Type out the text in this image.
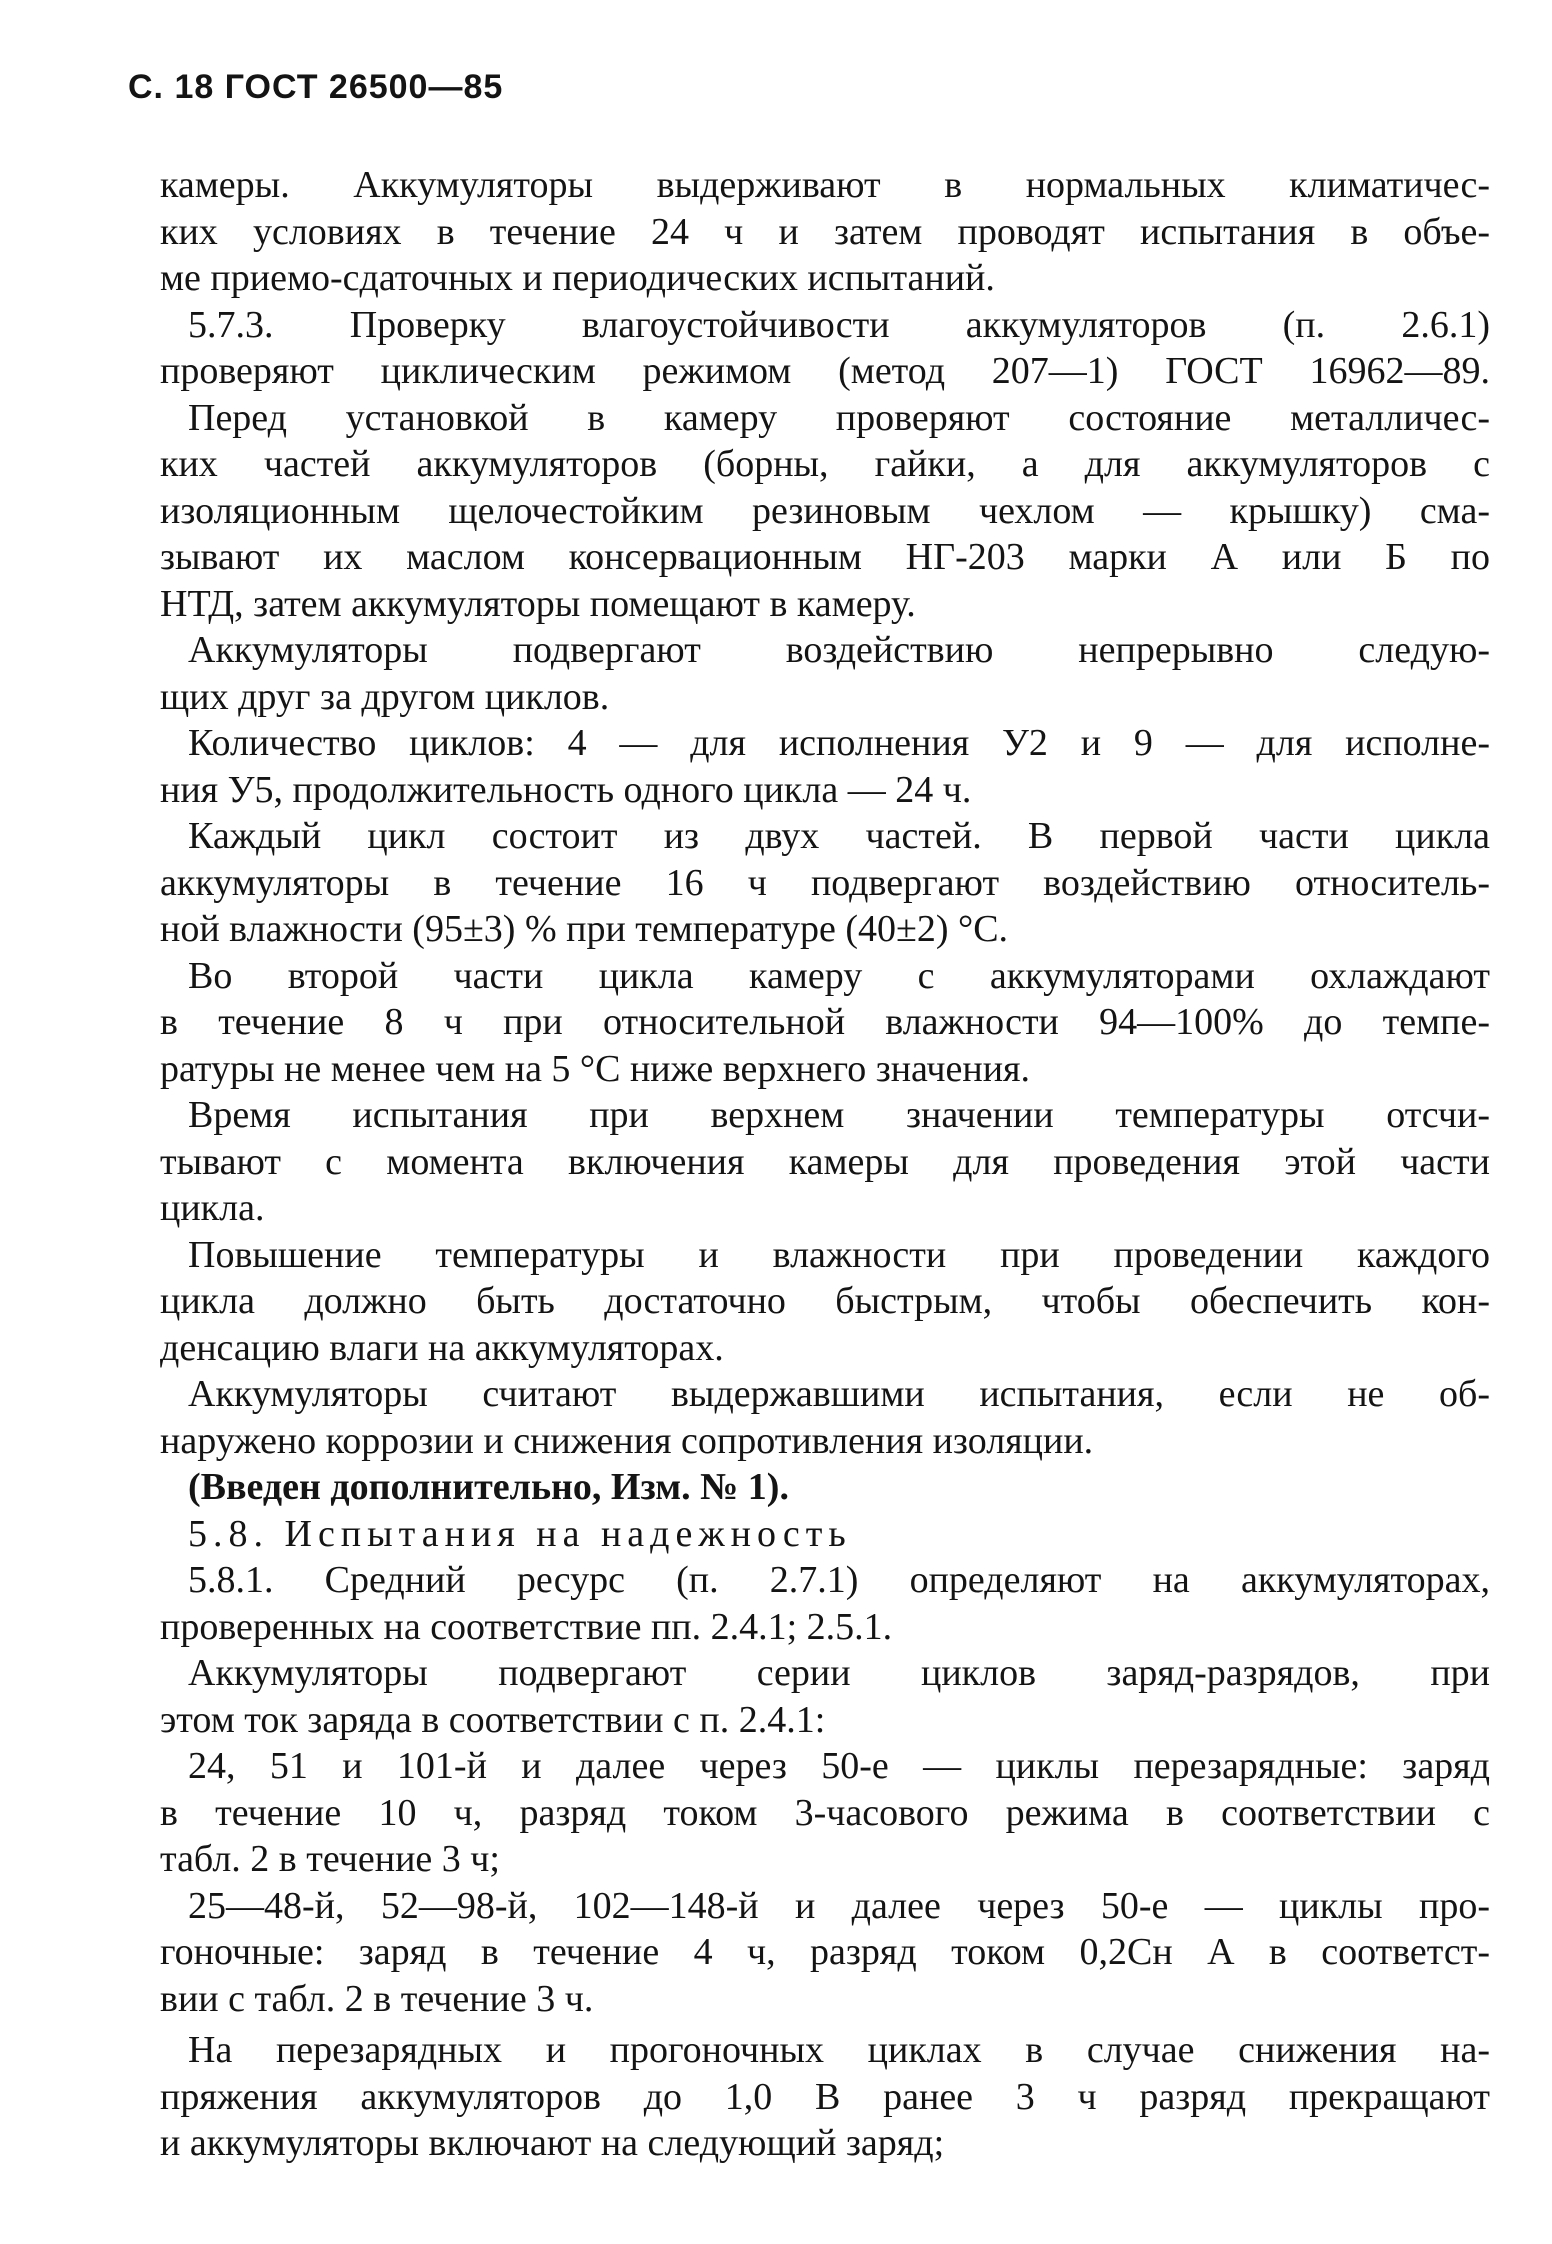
С. 18 ГОСТ 26500—85
камеры. Аккумуляторы выдерживают в нормальных климатичес-
ких условиях в течение 24 ч и затем проводят испытания в объе-
ме приемо-сдаточных и периодических испытаний.
5.7.3. Проверку влагоустойчивости аккумуляторов (п. 2.6.1)
проверяют циклическим режимом (метод 207—1) ГОСТ 16962—89.
Перед установкой в камеру проверяют состояние металличес-
ких частей аккумуляторов (борны, гайки, а для аккумуляторов с
изоляционным щелочестойким резиновым чехлом — крышку) сма-
зывают их маслом консервационным НГ-203 марки А или Б по
НТД, затем аккумуляторы помещают в камеру.
Аккумуляторы подвергают воздействию непрерывно следую-
щих друг за другом циклов.
Количество циклов: 4 — для исполнения У2 и 9 — для исполне-
ния У5, продолжительность одного цикла — 24 ч.
Каждый цикл состоит из двух частей. В первой части цикла
аккумуляторы в течение 16 ч подвергают воздействию относитель-
ной влажности (95±3) % при температуре (40±2) °С.
Во второй части цикла камеру с аккумуляторами охлаждают
в течение 8 ч при относительной влажности 94—100% до темпе-
ратуры не менее чем на 5 °С ниже верхнего значения.
Время испытания при верхнем значении температуры отсчи-
тывают с момента включения камеры для проведения этой части
цикла.
Повышение температуры и влажности при проведении каждого
цикла должно быть достаточно быстрым, чтобы обеспечить кон-
денсацию влаги на аккумуляторах.
Аккумуляторы считают выдержавшими испытания, если не об-
наружено коррозии и снижения сопротивления изоляции.
(Введен дополнительно, Изм. № 1).
5.8. Испытания на надежность
5.8.1. Средний ресурс (п. 2.7.1) определяют на аккумуляторах,
проверенных на соответствие пп. 2.4.1; 2.5.1.
Аккумуляторы подвергают серии циклов заряд-разрядов, при
этом ток заряда в соответствии с п. 2.4.1:
24, 51 и 101-й и далее через 50-е — циклы перезарядные: заряд
в течение 10 ч, разряд током 3-часового режима в соответствии с
табл. 2 в течение 3 ч;
25—48-й, 52—98-й, 102—148-й и далее через 50-е — циклы про-
гоночные: заряд в течение 4 ч, разряд током 0,2Cн А в соответст-
вии с табл. 2 в течение 3 ч.
На перезарядных и прогоночных циклах в случае снижения на-
пряжения аккумуляторов до 1,0 В ранее 3 ч разряд прекращают
и аккумуляторы включают на следующий заряд;
